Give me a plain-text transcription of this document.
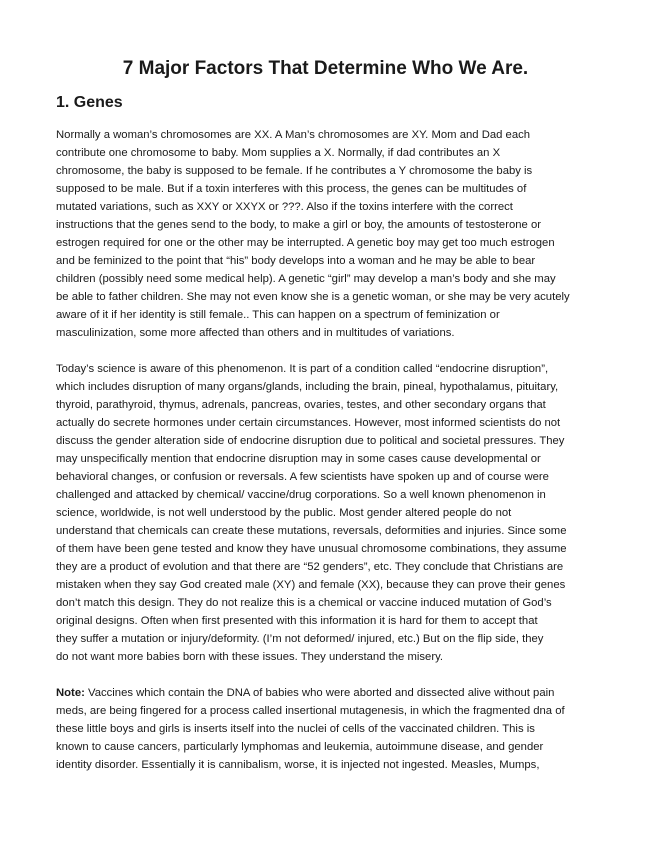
7 Major Factors That Determine Who We Are.
1. Genes
Normally a woman’s chromosomes are XX. A Man’s chromosomes are XY. Mom and Dad each
contribute one chromosome to baby. Mom supplies a X. Normally, if dad contributes an X
chromosome, the baby is supposed to be female. If he contributes a Y chromosome the baby is
supposed to be male. But if a toxin interferes with this process, the genes can be multitudes of
mutated variations, such as XXY or XXYX or ???. Also if the toxins interfere with the correct
instructions that the genes send to the body, to make a girl or boy, the amounts of testosterone or
estrogen required for one or the other may be interrupted. A genetic boy may get too much estrogen
and be feminized to the point that “his” body develops into a woman and he may be able to bear
children (possibly need some medical help). A genetic “girl” may develop a man’s body and she may
be able to father children. She may not even know she is a genetic woman, or she may be very acutely
aware of it if her identity is still female.. This can happen on a spectrum of feminization or
masculinization, some more affected than others and in multitudes of variations.
Today’s science is aware of this phenomenon. It is part of a condition called “endocrine disruption”,
which includes disruption of many organs/glands, including the brain, pineal, hypothalamus, pituitary,
thyroid, parathyroid, thymus, adrenals, pancreas, ovaries, testes, and other secondary organs that
actually do secrete hormones under certain circumstances. However, most informed scientists do not
discuss the gender alteration side of endocrine disruption due to political and societal pressures. They
may unspecifically mention that endocrine disruption may in some cases cause developmental or
behavioral changes, or confusion or reversals. A few scientists have spoken up and of course were
challenged and attacked by chemical/ vaccine/drug corporations. So a well known phenomenon in
science, worldwide, is not well understood by the public. Most gender altered people do not
understand that chemicals can create these mutations, reversals, deformities and injuries. Since some
of them have been gene tested and know they have unusual chromosome combinations, they assume
they are a product of evolution and that there are “52 genders”, etc. They conclude that Christians are
mistaken when they say God created male (XY) and female (XX), because they can prove their genes
don’t match this design. They do not realize this is a chemical or vaccine induced mutation of God’s
original designs. Often when first presented with this information it is hard for them to accept that
they suffer a mutation or injury/deformity. (I’m not deformed/ injured, etc.) But on the flip side, they
do not want more babies born with these issues. They understand the misery.
Note: Vaccines which contain the DNA of babies who were aborted and dissected alive without pain
meds, are being fingered for a process called insertional mutagenesis, in which the fragmented dna of
these little boys and girls is inserts itself into the nuclei of cells of the vaccinated children. This is
known to cause cancers, particularly lymphomas and leukemia, autoimmune disease, and gender
identity disorder. Essentially it is cannibalism, worse, it is injected not ingested. Measles, Mumps,
